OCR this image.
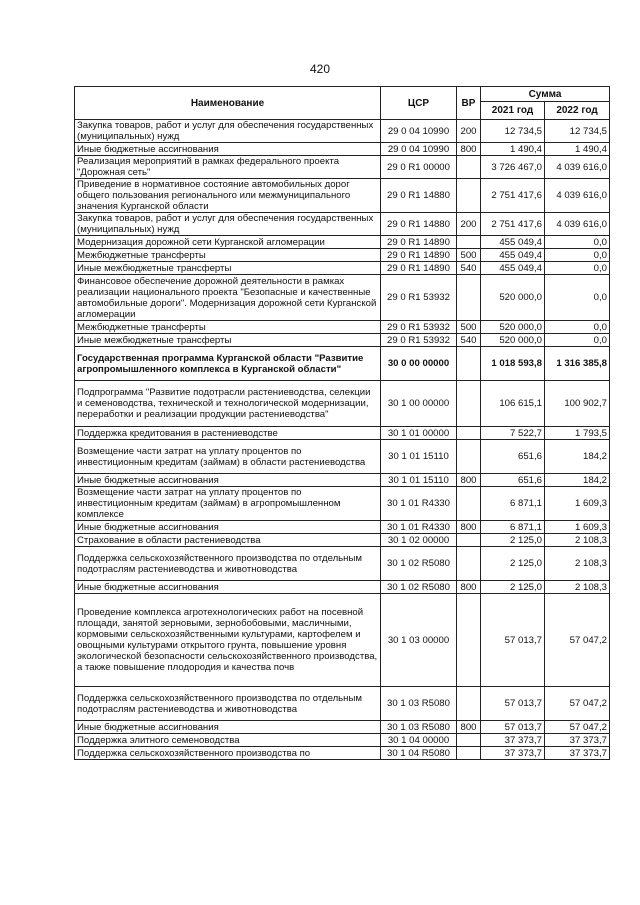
420
Наименование	ЦСР	ВР	Сумма	
			2021 год	2022 год
Закупка товаров, работ и услуг для обеспечения государственных (муниципальных) нужд	29 0 04 10990	200	12 734,5	12 734,5
Иные бюджетные ассигнования	29 0 04 10990	800	1 490,4	1 490,4
Реализация мероприятий в рамках федерального проекта "Дорожная сеть"	29 0 R1 00000		3 726 467,0	4 039 616,0
Приведение в нормативное состояние автомобильных дорог общего пользования регионального или межмуниципального значения Курганской области	29 0 R1 14880		2 751 417,6	4 039 616,0
Закупка товаров, работ и услуг для обеспечения государственных (муниципальных) нужд	29 0 R1 14880	200	2 751 417,6	4 039 616,0
Модернизация дорожной сети Курганской агломерации	29 0 R1 14890		455 049,4	0,0
Межбюджетные трансферты	29 0 R1 14890	500	455 049,4	0,0
Иные межбюджетные трансферты	29 0 R1 14890	540	455 049,4	0,0
Финансовое обеспечение дорожной деятельности в рамках реализации национального проекта "Безопасные и качественные автомобильные дороги". Модернизация дорожной сети Курганской агломерации	29 0 R1 53932		520 000,0	0,0
Межбюджетные трансферты	29 0 R1 53932	500	520 000,0	0,0
Иные межбюджетные трансферты	29 0 R1 53932	540	520 000,0	0,0
Государственная программа Курганской области "Развитие агропромышленного комплекса в Курганской области"	30 0 00 00000		1 018 593,8	1 316 385,8
Подпрограмма "Развитие подотрасли растениеводства, селекции и семеноводства, технической и технологической модернизации, переработки и реализации продукции растениеводства"	30 1 00 00000		106 615,1	100 902,7
Поддержка кредитования в растениеводстве	30 1 01 00000		7 522,7	1 793,5
Возмещение части затрат на уплату процентов по инвестиционным кредитам (займам) в области растениеводства	30 1 01 15110		651,6	184,2
Иные бюджетные ассигнования	30 1 01 15110	800	651,6	184,2
Возмещение части затрат на уплату процентов по инвестиционным кредитам (займам) в агропромышленном комплексе	30 1 01 R4330		6 871,1	1 609,3
Иные бюджетные ассигнования	30 1 01 R4330	800	6 871,1	1 609,3
Страхование в области растениеводства	30 1 02 00000		2 125,0	2 108,3
Поддержка сельскохозяйственного производства по отдельным подотраслям растениеводства и животноводства	30 1 02 R5080		2 125,0	2 108,3
Иные бюджетные ассигнования	30 1 02 R5080	800	2 125,0	2 108,3
Проведение комплекса агротехнологических работ на посевной площади, занятой зерновыми, зернобобовыми, масличными, кормовыми сельскохозяйственными культурами, картофелем и овощными культурами открытого грунта, повышение уровня экологической безопасности сельскохозяйственного производства, а также повышение плодородия и качества почв	30 1 03 00000		57 013,7	57 047,2
Поддержка сельскохозяйственного производства по отдельным подотраслям растениеводства и животноводства	30 1 03 R5080		57 013,7	57 047,2
Иные бюджетные ассигнования	30 1 03 R5080	800	57 013,7	57 047,2
Поддержка элитного семеноводства	30 1 04 00000		37 373,7	37 373,7
Поддержка сельскохозяйственного производства по	30 1 04 R5080		37 373,7	37 373,7
